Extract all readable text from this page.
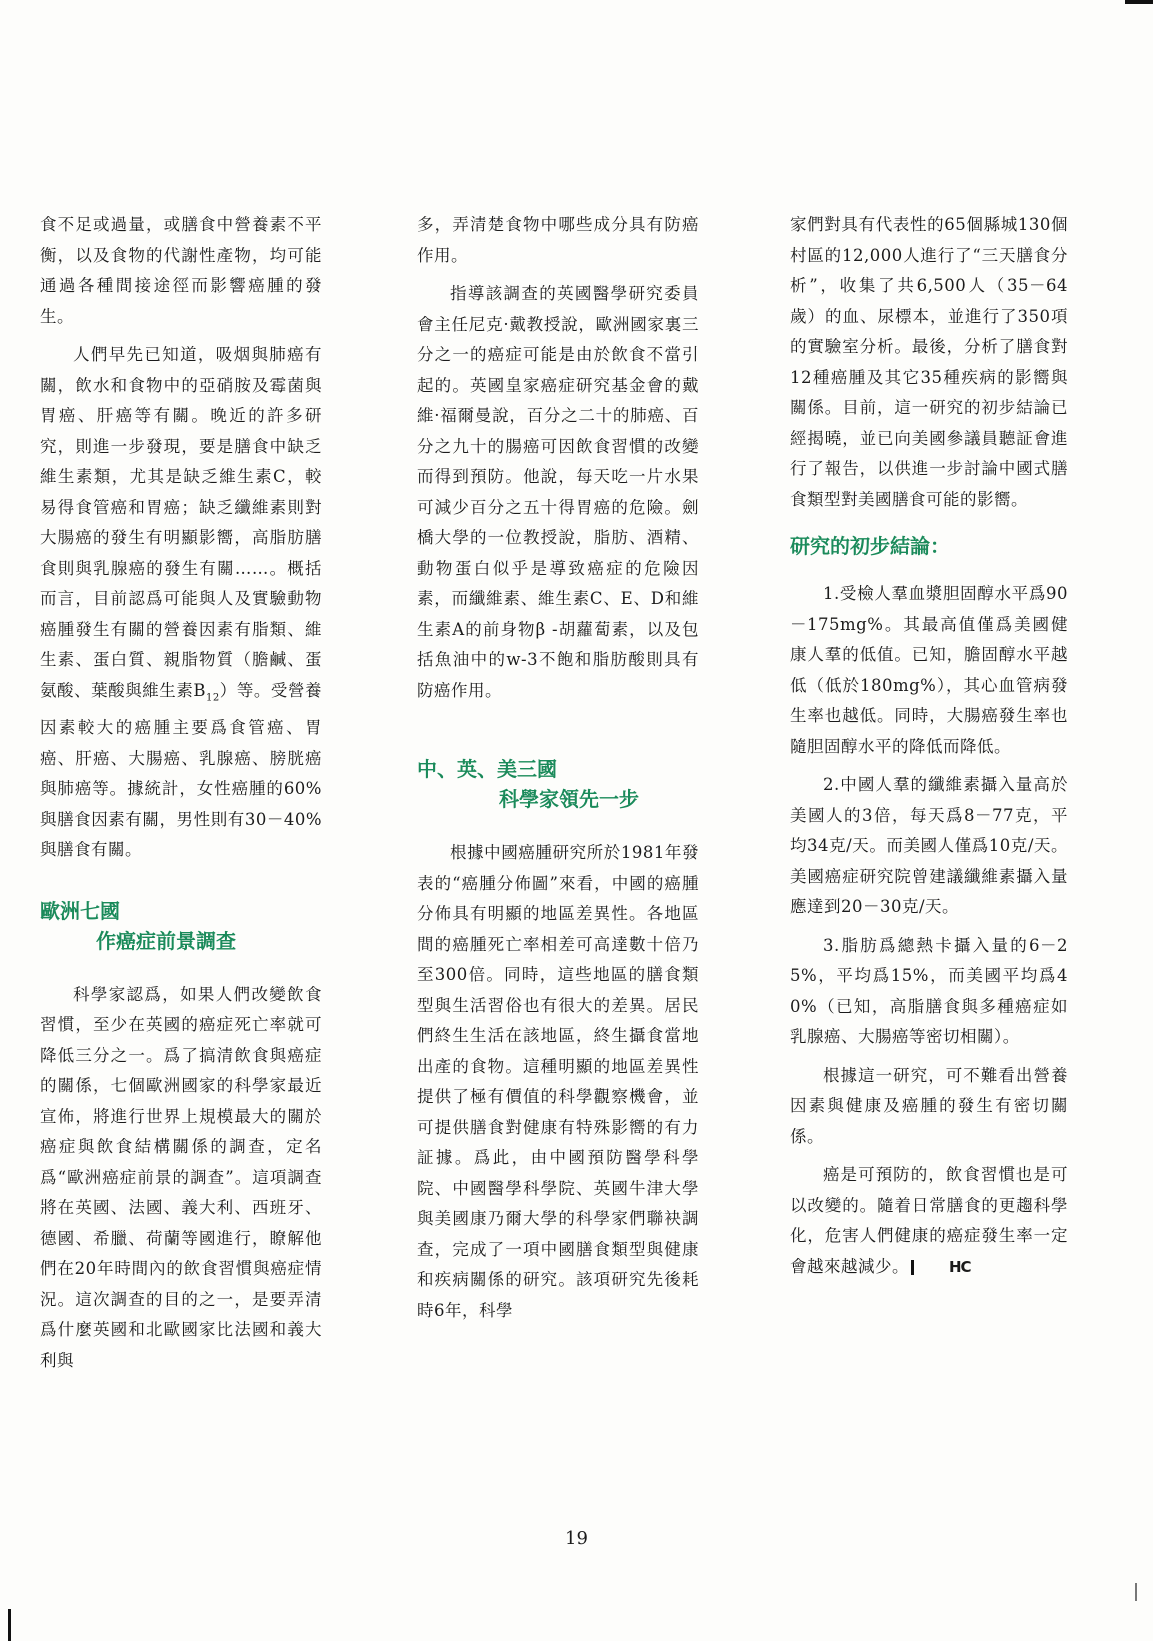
食不足或過量，或膳食中營養素不平衡，以及食物的代謝性產物，均可能通過各種間接途徑而影響癌腫的發生。

人們早先已知道，吸烟與肺癌有關，飲水和食物中的亞硝胺及霉菌與胃癌、肝癌等有關。晚近的許多研究，則進一步發現，要是膳食中缺乏維生素類，尤其是缺乏維生素C，較易得食管癌和胃癌；缺乏纖維素則對大腸癌的發生有明顯影嚮，高脂肪膳食則與乳腺癌的發生有關……。概括而言，目前認爲可能與人及實驗動物癌腫發生有關的營養因素有脂類、維生素、蛋白質、親脂物質（膽鹹、蛋氨酸、葉酸與維生素$B_{12}$）等。受營養因素較大的癌腫主要爲食管癌、胃癌、肝癌、大腸癌、乳腺癌、膀胱癌與肺癌等。據統計，女性癌腫的60%與膳食因素有關，男性則有30－40%與膳食有關。

歐洲七國
作癌症前景調查

科學家認爲，如果人們改變飲食習慣，至少在英國的癌症死亡率就可降低三分之一。爲了搞清飲食與癌症的關係，七個歐洲國家的科學家最近宣佈，將進行世界上規模最大的關於癌症與飲食結構關係的調查，定名爲“歐洲癌症前景的調查”。這項調查將在英國、法國、義大利、西班牙、德國、希臘、荷蘭等國進行，瞭解他們在20年時間內的飲食習慣與癌症情況。這次調查的目的之一，是要弄清爲什麼英國和北歐國家比法國和義大利與

多，弄清楚食物中哪些成分具有防癌作用。

指導該調查的英國醫學研究委員會主任尼克·戴教授說，歐洲國家裏三分之一的癌症可能是由於飲食不當引起的。英國皇家癌症研究基金會的戴維·福爾曼說，百分之二十的肺癌、百分之九十的腸癌可因飲食習慣的改變而得到預防。他說，每天吃一片水果可減少百分之五十得胃癌的危險。劍橋大學的一位教授說，脂肪、酒精、動物蛋白似乎是導致癌症的危險因素，而纖維素、維生素C、E、D和維生素A的前身物β -胡蘿蔔素，以及包括魚油中的w-3不飽和脂肪酸則具有防癌作用。

中、英、美三國
科學家領先一步

根據中國癌腫研究所於1981年發表的“癌腫分佈圖”來看，中國的癌腫分佈具有明顯的地區差異性。各地區間的癌腫死亡率相差可高達數十倍乃至300倍。同時，這些地區的膳食類型與生活習俗也有很大的差異。居民們終生生活在該地區，終生攝食當地出產的食物。這種明顯的地區差異性提供了極有價值的科學觀察機會，並可提供膳食對健康有特殊影嚮的有力証據。爲此，由中國預防醫學科學院、中國醫學科學院、英國牛津大學與美國康乃爾大學的科學家們聯袂調查，完成了一項中國膳食類型與健康和疾病關係的研究。該項研究先後耗時6年，科學

家們對具有代表性的65個縣城130個村區的12,000人進行了“三天膳食分析”，收集了共6,500人（35－64歲）的血、尿標本，並進行了350項的實驗室分析。最後，分析了膳食對12種癌腫及其它35種疾病的影嚮與關係。目前，這一研究的初步結論已經揭曉，並已向美國參議員聽証會進行了報告，以供進一步討論中國式膳食類型對美國膳食可能的影嚮。

研究的初步結論：

1.受檢人羣血漿胆固醇水平爲90－175mg%。其最高值僅爲美國健康人羣的低值。已知，膽固醇水平越低（低於180mg%），其心血管病發生率也越低。同時，大腸癌發生率也隨胆固醇水平的降低而降低。

2.中國人羣的纖維素攝入量高於美國人的3倍，每天爲8－77克，平均34克/天。而美國人僅爲10克/天。美國癌症研究院曾建議纖維素攝入量應達到20－30克/天。

3.脂肪爲總熱卡攝入量的6－25%，平均爲15%，而美國平均爲40%（已知，高脂膳食與多種癌症如乳腺癌、大腸癌等密切相關）。

根據這一研究，可不難看出營養因素與健康及癌腫的發生有密切關係。

癌是可預防的，飲食習慣也是可以改變的。隨着日常膳食的更趨科學化，危害人們健康的癌症發生率一定會越來越減少。	HC

19
